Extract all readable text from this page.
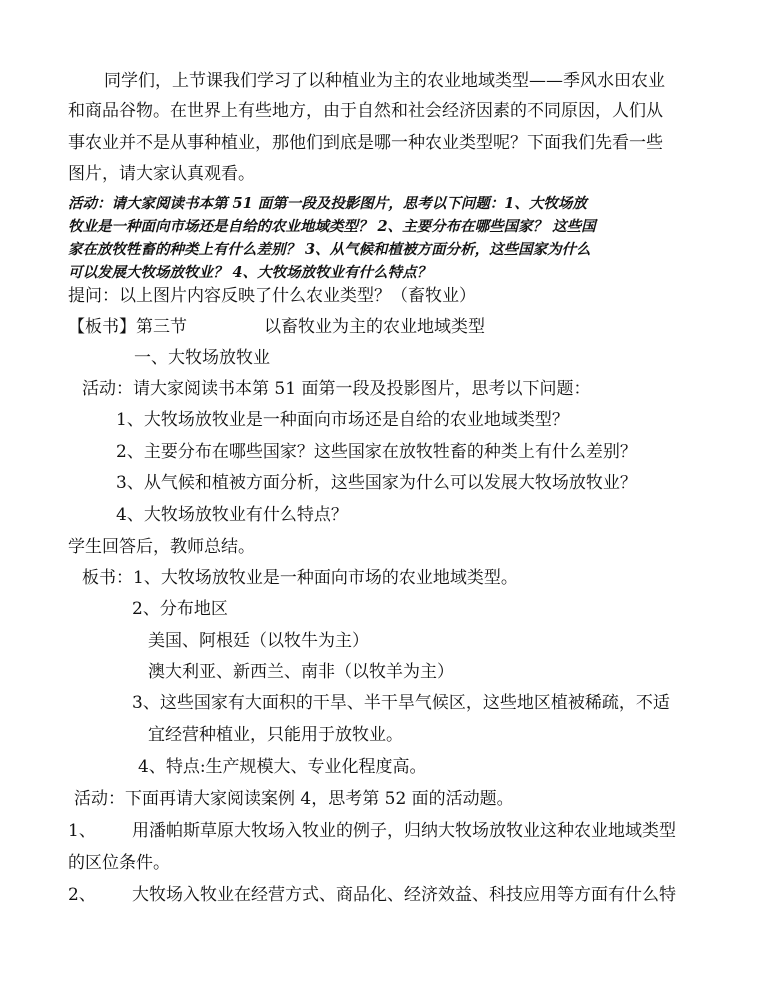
同学们，上节课我们学习了以种植业为主的农业地域类型——季风水田农业
和商品谷物。在世界上有些地方，由于自然和社会经济因素的不同原因，人们从
事农业并不是从事种植业，那他们到底是哪一种农业类型呢？下面我们先看一些
图片，请大家认真观看。
活动：请大家阅读书本第 51 面第一段及投影图片，思考以下问题：1、大牧场放
牧业是一种面向市场还是自给的农业地域类型？ 2、主要分布在哪些国家？ 这些国
家在放牧牲畜的种类上有什么差别？ 3、从气候和植被方面分析，这些国家为什么
可以发展大牧场放牧业？ 4、大牧场放牧业有什么特点？
提问：以上图片内容反映了什么农业类型？（畜牧业）
【板书】第三节	以畜牧业为主的农业地域类型
一、大牧场放牧业
活动：请大家阅读书本第 51 面第一段及投影图片，思考以下问题：
1、大牧场放牧业是一种面向市场还是自给的农业地域类型？
2、主要分布在哪些国家？这些国家在放牧牲畜的种类上有什么差别？
3、从气候和植被方面分析，这些国家为什么可以发展大牧场放牧业？
4、大牧场放牧业有什么特点？
学生回答后，教师总结。
板书：1、大牧场放牧业是一种面向市场的农业地域类型。
2、分布地区
美国、阿根廷（以牧牛为主）
澳大利亚、新西兰、南非（以牧羊为主）
3、这些国家有大面积的干旱、半干旱气候区，这些地区植被稀疏，不适
宜经营种植业，只能用于放牧业。
4、特点:生产规模大、专业化程度高。
活动：下面再请大家阅读案例 4，思考第 52 面的活动题。
1、 用潘帕斯草原大牧场入牧业的例子，归纳大牧场放牧业这种农业地域类型
的区位条件。
2、 大牧场入牧业在经营方式、商品化、经济效益、科技应用等方面有什么特
